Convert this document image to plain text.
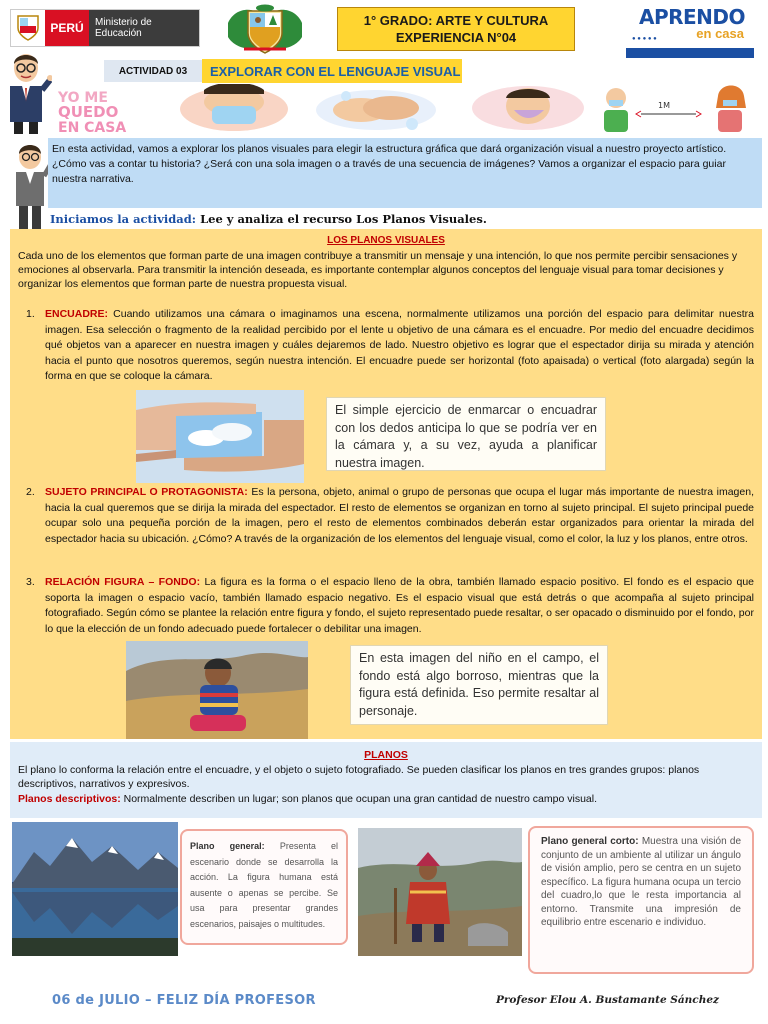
PERÚ	Ministerio de Educación
1° GRADO: ARTE Y CULTURA
EXPERIENCIA N°04
APRENDO
en casa
● ● ● ● ●
ACTIVIDAD 03	EXPLORAR CON EL LENGUAJE VISUAL
YO ME
QUEDO
EN CASA
1M

En esta actividad, vamos a explorar los planos visuales para elegir la estructura gráfica que dará organización visual a nuestro proyecto artístico.

¿Cómo vas a contar tu historia? ¿Será con una sola imagen o a través de una secuencia de imágenes? Vamos a organizar el espacio para guiar nuestra narrativa.

Iniciamos la actividad: Lee y analiza el recurso Los Planos Visuales.
LOS PLANOS VISUALES

Cada uno de los elementos que forman parte de una imagen contribuye a transmitir un mensaje y una intención, lo que nos permite percibir sensaciones y emociones al observarla. Para transmitir la intención deseada, es importante contemplar algunos conceptos del lenguaje visual para tomar decisiones y organizar los elementos que forman parte de nuestra propuesta visual.

1. ENCUADRE: Cuando utilizamos una cámara o imaginamos una escena, normalmente utilizamos una porción del espacio para delimitar nuestra imagen. Esa selección o fragmento de la realidad percibido por el lente u objetivo de una cámara es el encuadre. Por medio del encuadre decidimos qué objetos van a aparecer en nuestra imagen y cuáles dejaremos de lado. Nuestro objetivo es lograr que el espectador dirija su mirada y atención hacia el punto que nosotros queremos, según nuestra intención. El encuadre puede ser horizontal (foto apaisada) o vertical (foto alargada) según la forma en que se coloque la cámara.

El simple ejercicio de enmarcar o encuadrar con los dedos anticipa lo que se podría ver en la cámara y, a su vez, ayuda a planificar nuestra imagen.
2. SUJETO PRINCIPAL O PROTAGONISTA: Es la persona, objeto, animal o grupo de personas que ocupa el lugar más importante de nuestra imagen, hacia la cual queremos que se dirija la mirada del espectador. El resto de elementos se organizan en torno al sujeto principal. El sujeto principal puede ocupar solo una pequeña porción de la imagen, pero el resto de elementos combinados deberán estar organizados para orientar la mirada del espectador hacia su ubicación. ¿Cómo? A través de la organización de los elementos del lenguaje visual, como el color, la luz y los planos, entre otros.

3. RELACIÓN FIGURA – FONDO: La figura es la forma o el espacio lleno de la obra, también llamado espacio positivo. El fondo es el espacio que soporta la imagen o espacio vacío, también llamado espacio negativo. Es el espacio visual que está detrás o que acompaña al sujeto principal fotografiado. Según cómo se plantee la relación entre figura y fondo, el sujeto representado puede resaltar, o ser opacado o disminuido por el fondo, por lo que la elección de un fondo adecuado puede fortalecer o debilitar una imagen.

En esta imagen del niño en el campo, el fondo está algo borroso, mientras que la figura está definida. Eso permite resaltar al personaje.
PLANOS

El plano lo conforma la relación entre el encuadre, y el objeto o sujeto fotografiado. Se pueden clasificar los planos en tres grandes grupos: planos descriptivos, narrativos y expresivos.

Planos descriptivos: Normalmente describen un lugar; son planos que ocupan una gran cantidad de nuestro campo visual.

Plano general: Presenta el escenario donde se desarrolla la acción. La figura humana está ausente o apenas se percibe. Se usa para presentar grandes escenarios, paisajes o multitudes.
Plano general corto: Muestra una visión de conjunto de un ambiente al utilizar un ángulo de visión amplio, pero se centra en un sujeto específico. La figura humana ocupa un tercio del cuadro,lo que le resta importancia al entorno. Transmite una impresión de equilibrio entre escenario e individuo.
06 de JULIO – FELIZ DÍA PROFESOR	Profesor Elou A. Bustamante Sánchez
